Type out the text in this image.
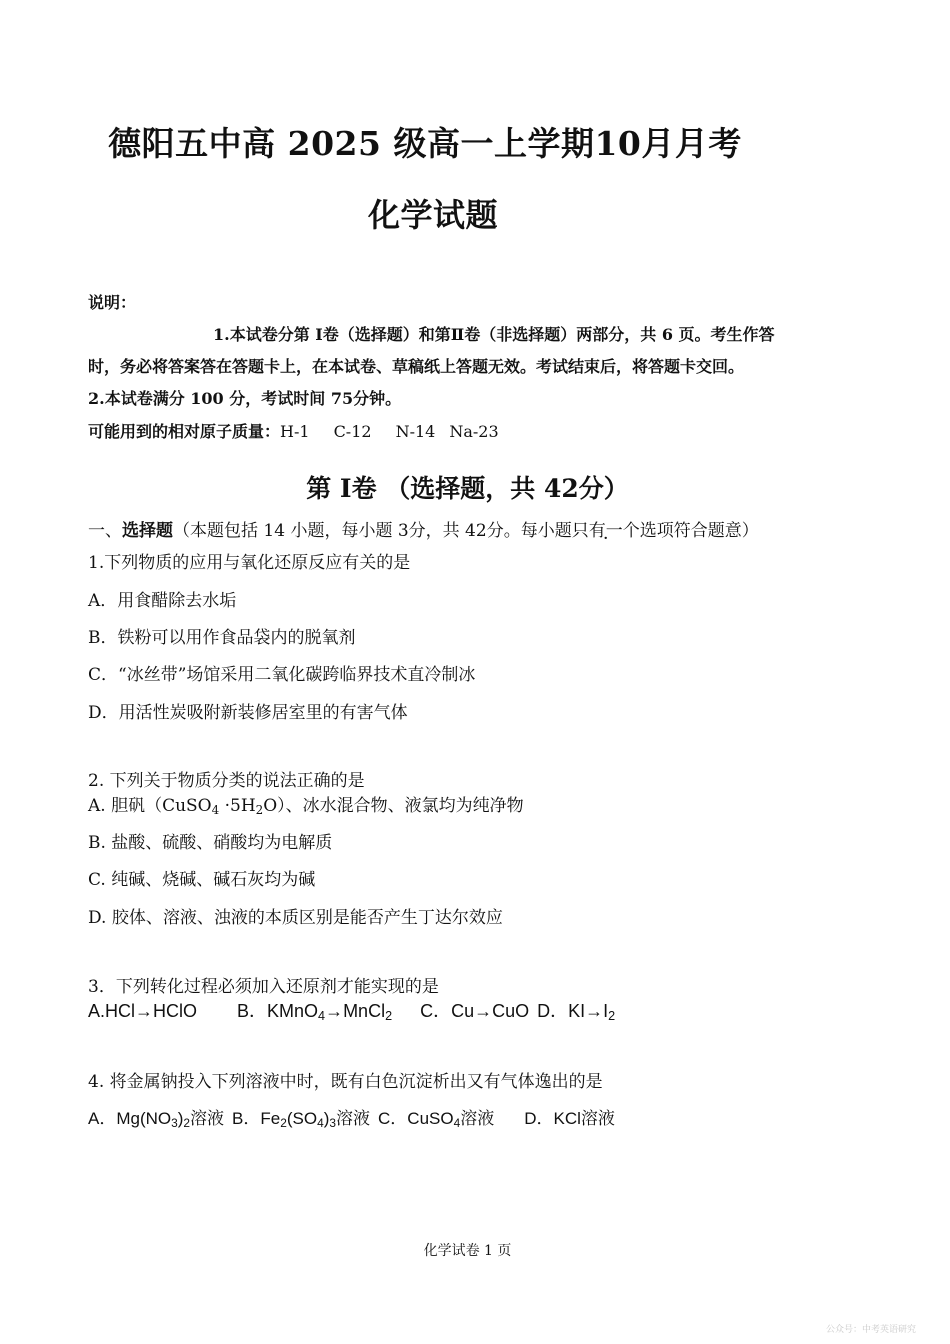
德阳五中高 2025 级高一上学期10月月考
化学试题
说明：
1.本试卷分第 Ⅰ卷（选择题）和第Ⅱ卷（非选择题）两部分，共 6 页。考生作答
时，务必将答案答在答题卡上，在本试卷、草稿纸上答题无效。考试结束后，将答题卡交回。
2.本试卷满分 100 分，考试时间 75分钟。
可能用到的相对原子质量：H-1 C-12 N-14 Na-23
第 Ⅰ卷 （选择题，共 42分）
一、选择题（本题包括 14 小题，每小题 3分，共 42分。每小题只有一个选项符合题意）
1.下列物质的应用与氧化还原反应有关的是
A．用食醋除去水垢
B．铁粉可以用作食品袋内的脱氧剂
C．“冰丝带”场馆采用二氧化碳跨临界技术直冷制冰
D．用活性炭吸附新装修居室里的有害气体
2. 下列关于物质分类的说法正确的是
A. 胆矾（CuSO$_4$ $\cdot 5H_2O$）、冰水混合物、液氯均为纯净物
B. 盐酸、硫酸、硝酸均为电解质
C. 纯碱、烧碱、碱石灰均为碱
D. 胶体、溶液、浊液的本质区别是能否产生丁达尔效应
3．下列转化过程必须加入还原剂才能实现的是
A.HCl→HClO B．KMnO$_4$→MnCl$_2$ C．Cu→CuO D．$KI\to I_2$
4. 将金属钠投入下列溶液中时，既有白色沉淀析出又有气体逸出的是
A．$Mg(NO_3)_2$溶液 B．$Fe_2(SO_4)_3$溶液 C．CuSO$_4$溶液 D．KCl溶液
化学试卷 1 页
公众号：中考英语研究
